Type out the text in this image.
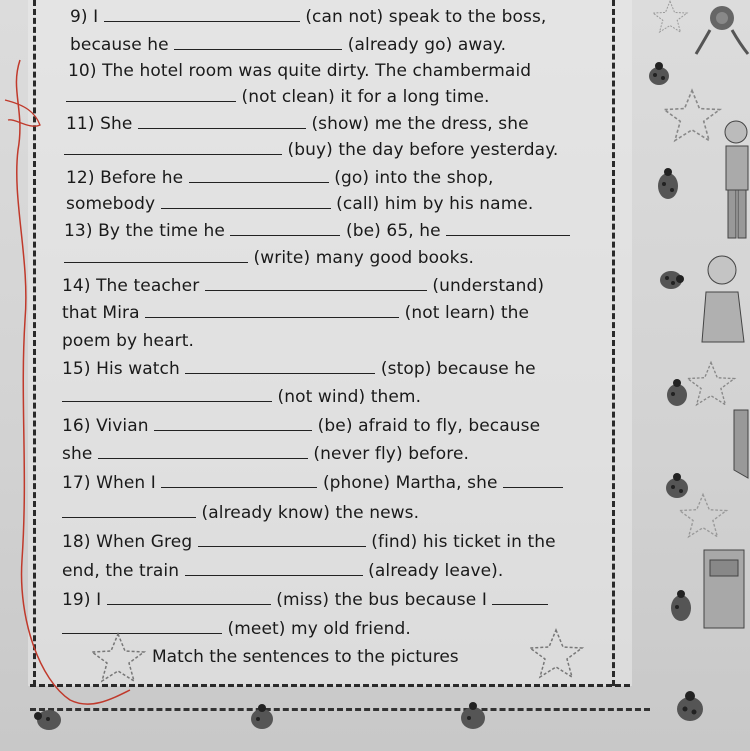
9) I	(can not) speak to the boss,
because he	(already go) away.
10) The hotel room was quite dirty. The chambermaid
(not clean) it for a long time.
11) She	(show) me the dress, she
(buy) the day before yesterday.
12) Before he	(go) into the shop,
somebody	(call) him by his name.
13) By the time he	(be) 65, he
(write) many good books.
14) The teacher	(understand)
that Mira	(not learn) the
poem by heart.
15) His watch	(stop) because he
(not wind) them.
16) Vivian	(be) afraid to fly, because
she	(never fly) before.
17) When I	(phone) Martha, she
(already know) the news.
18) When Greg	(find) his ticket in the
end, the train	(already leave).
19) I	(miss) the bus because I
(meet) my old friend.
Match the sentences to the pictures
